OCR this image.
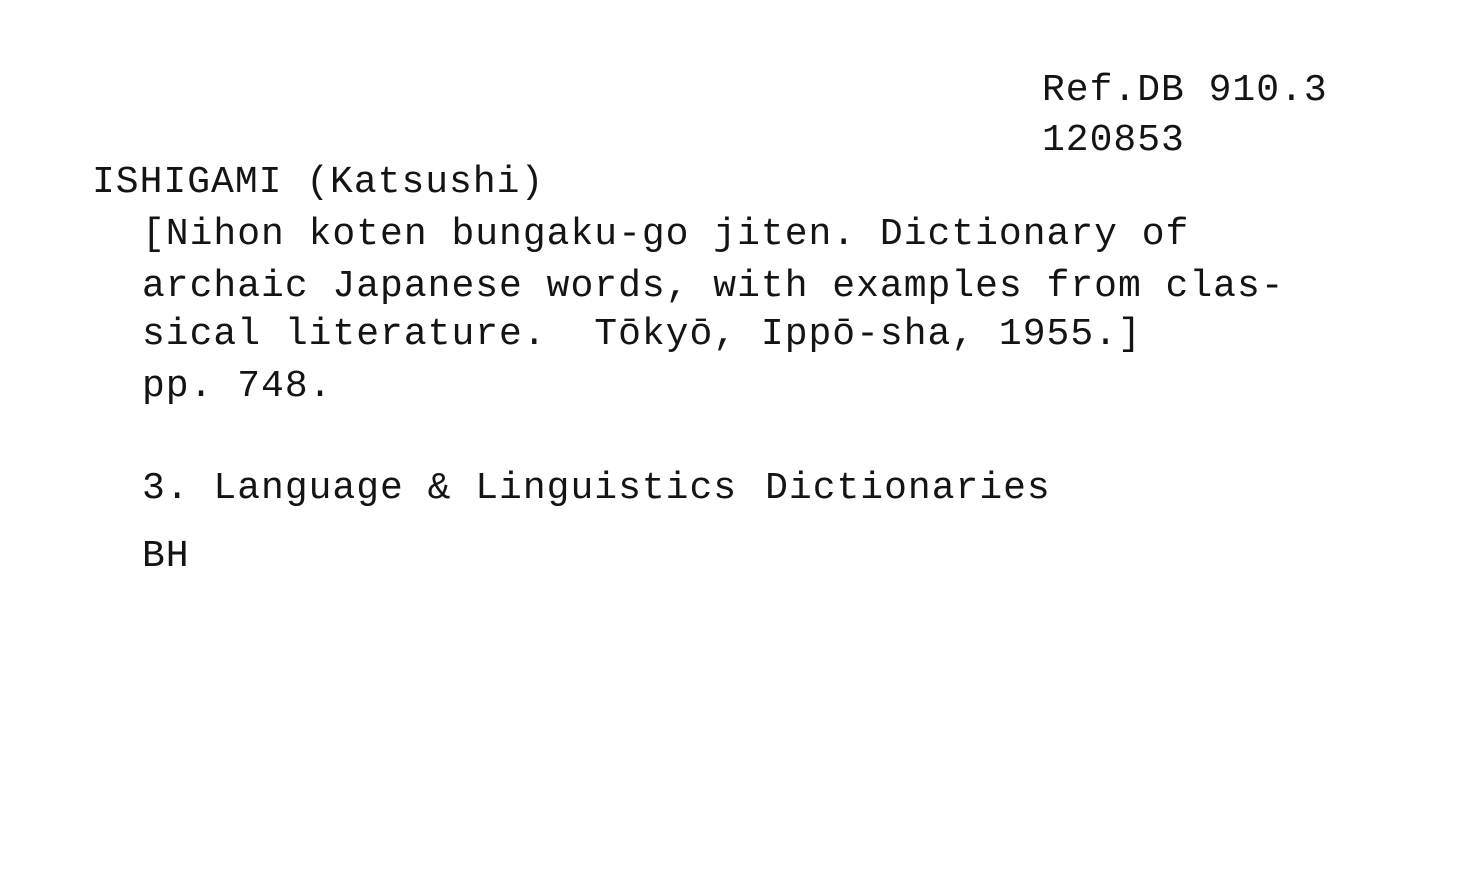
Ref.DB 910.3
120853
ISHIGAMI (Katsushi)
[Nihon koten bungaku-go jiten. Dictionary of
archaic Japanese words, with examples from clas-
sical literature.  Tōkyō, Ippō-sha, 1955.]
pp. 748.
3. Language & Linguistics Dictionaries
BH
